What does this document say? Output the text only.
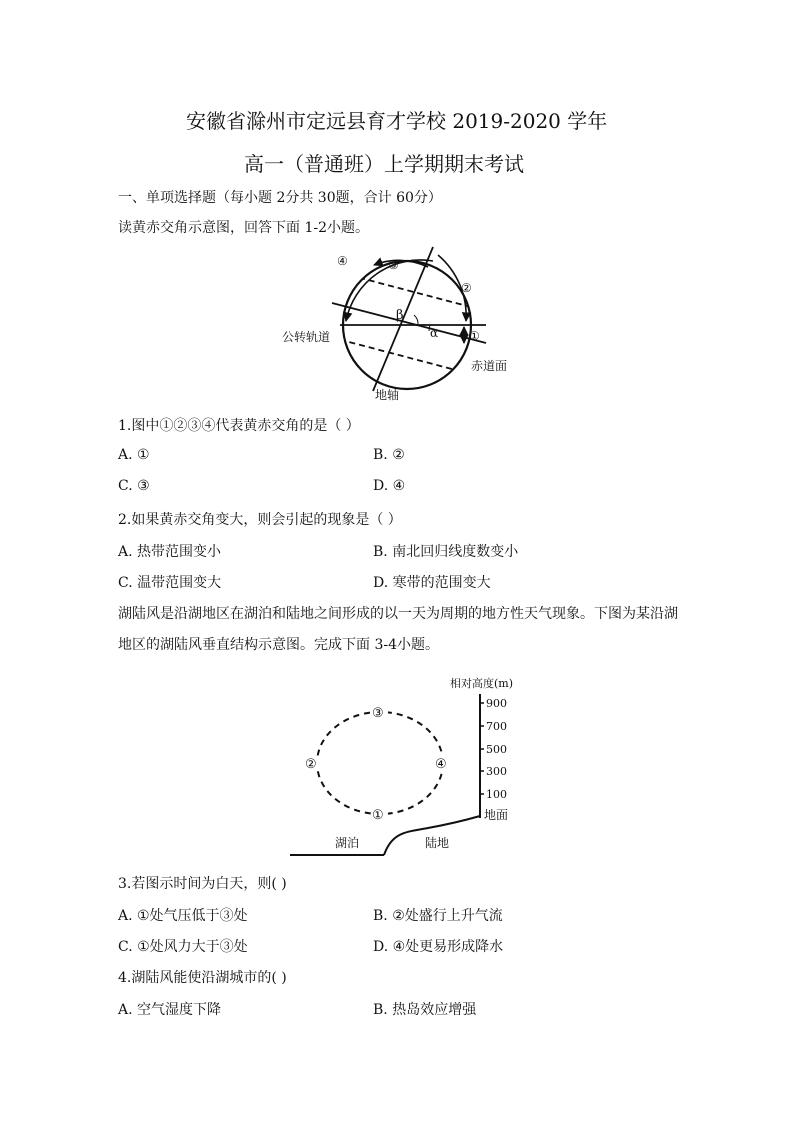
安徽省滁州市定远县育才学校 2019-2020 学年
高一（普通班）上学期期末考试
一、单项选择题（每小题 2分共 30题，合计 60分）
读黄赤交角示意图，回答下面 1-2小题。
β
α
④	③
②
①
公转轨道
赤道面
地轴
1.图中①②③④代表黄赤交角的是（ ）
A. ①	B. ②
C. ③	D. ④
2.如果黄赤交角变大，则会引起的现象是（ ）
A. 热带范围变小	B. 南北回归线度数变小
C. 温带范围变大	D. 寒带的范围变大
湖陆风是沿湖地区在湖泊和陆地之间形成的以一天为周期的地方性天气现象。下图为某沿湖
地区的湖陆风垂直结构示意图。完成下面 3-4小题。
③
②	④
①
相对高度(m)
900
700
500
300
100
地面
湖泊	陆地
3.若图示时间为白天，则( )
A. ①处气压低于③处	B. ②处盛行上升气流
C. ①处风力大于③处	D. ④处更易形成降水
4.湖陆风能使沿湖城市的( )
A. 空气湿度下降	B. 热岛效应增强
